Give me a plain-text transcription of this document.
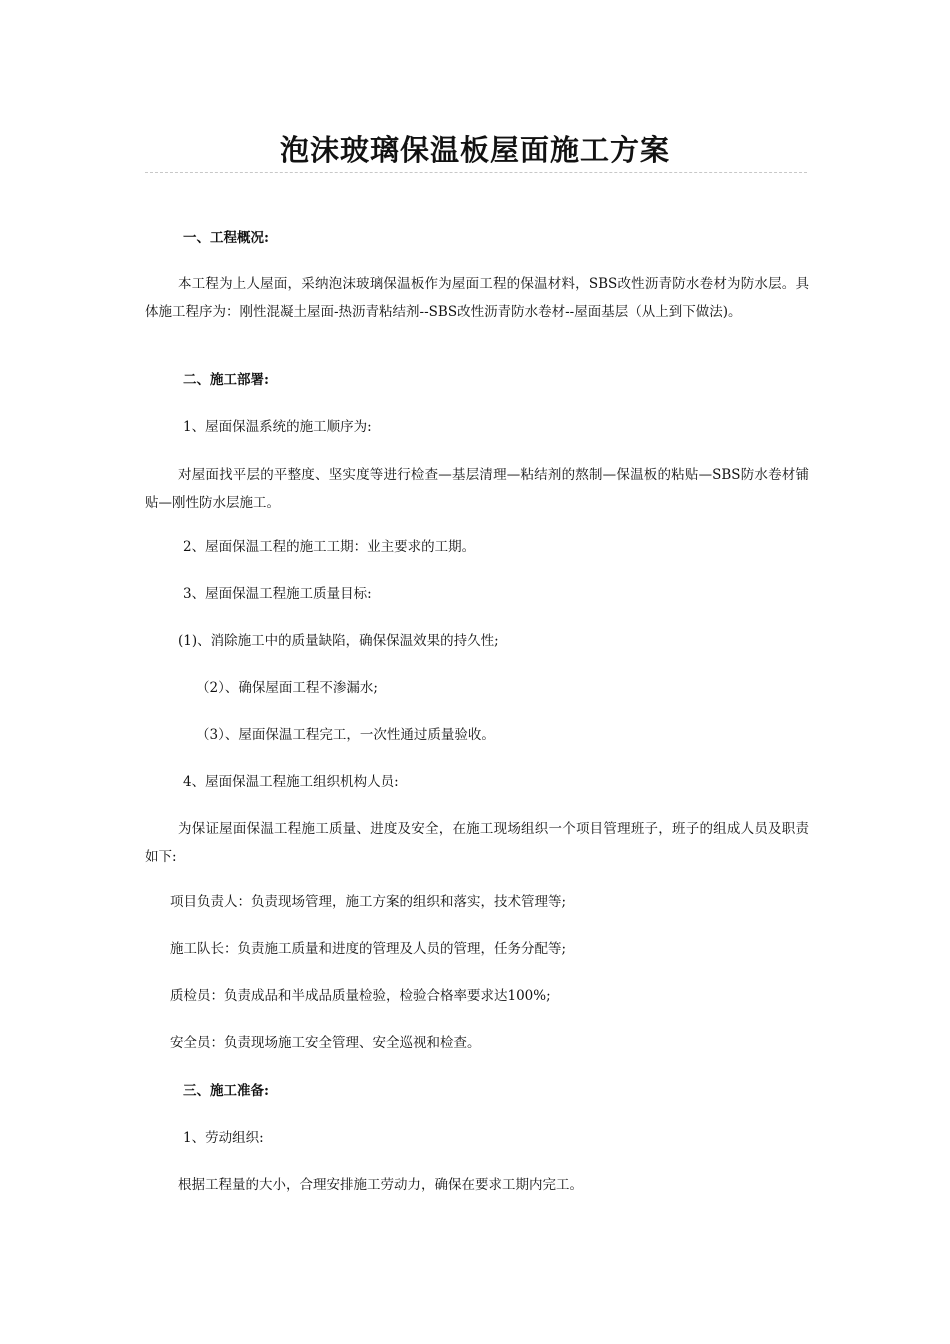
泡沫玻璃保温板屋面施工方案
一、工程概况:
本工程为上人屋面，采纳泡沫玻璃保温板作为屋面工程的保温材料，SBS改性沥青防水卷材为防水层。具体施工程序为：刚性混凝土屋面-热沥青粘结剂--SBS改性沥青防水卷材--屋面基层（从上到下做法)。
二、施工部署:
1、屋面保温系统的施工顺序为:
对屋面找平层的平整度、坚实度等进行检查—基层清理—粘结剂的熬制—保温板的粘贴—SBS防水卷材铺贴—刚性防水层施工。
2、屋面保温工程的施工工期：业主要求的工期。
3、屋面保温工程施工质量目标:
(1)、消除施工中的质量缺陷，确保保温效果的持久性;
（2）、确保屋面工程不渗漏水;
（3）、屋面保温工程完工，一次性通过质量验收。
4、屋面保温工程施工组织机构人员:
为保证屋面保温工程施工质量、进度及安全，在施工现场组织一个项目管理班子，班子的组成人员及职责如下:
项目负责人：负责现场管理，施工方案的组织和落实，技术管理等;
施工队长：负责施工质量和进度的管理及人员的管理，任务分配等;
质检员：负责成品和半成品质量检验，检验合格率要求达100%;
安全员：负责现场施工安全管理、安全巡视和检查。
三、施工准备:
1、劳动组织:
根据工程量的大小，合理安排施工劳动力，确保在要求工期内完工。
